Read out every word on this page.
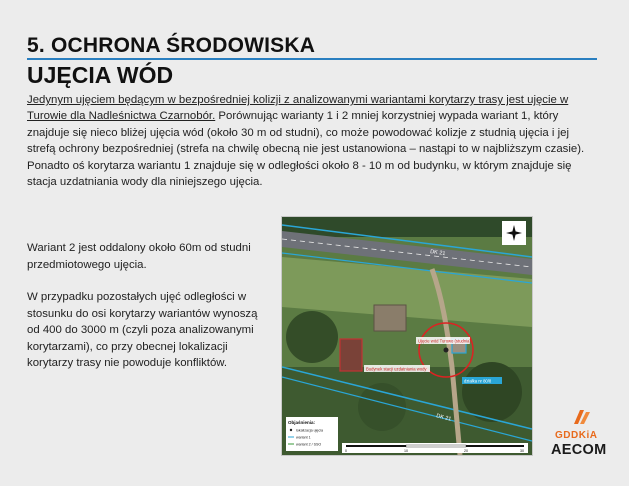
5. OCHRONA ŚRODOWISKA
UJĘCIA WÓD
Jedynym ujęciem będącym w bezpośredniej kolizji z analizowanymi wariantami korytarzy trasy jest ujęcie w Turowie dla Nadleśnictwa Czarnobór. Porównując warianty 1 i 2 mniej korzystniej wypada wariant 1, który znajduje się nieco bliżej ujęcia wód (około 30 m od studni), co może powodować kolizje z studnią ujęcia i jej strefą ochrony bezpośredniej (strefa na chwilę obecną nie jest ustanowiona – nastąpi to w najbliższym czasie). Ponadto oś korytarza wariantu 1 znajduje się w odległości około 8 - 10 m od budynku, w którym znajduje się stacja uzdatniania wody dla niniejszego ujęcia.

Wariant 2 jest oddalony około 60m od studni przedmiotowego ujęcia.

W przypadku pozostałych ujęć odległości w stosunku do osi korytarzy wariantów wynoszą od 400 do 3000 m (czyli poza analizowanymi korytarzami), co przy obecnej lokalizacji korytarzy trasy nie powoduje konfliktów.

DK 21
DK 21
Ujęcie wód Turowo (studnia)
Budynek stacji uzdatniania wody
działka nr 80/8
Objaśnienia:
lokalizacja ujęcia
wariant 1
wariant 2 / SSO
0	10	20	30
GDDKiA
AECOM
